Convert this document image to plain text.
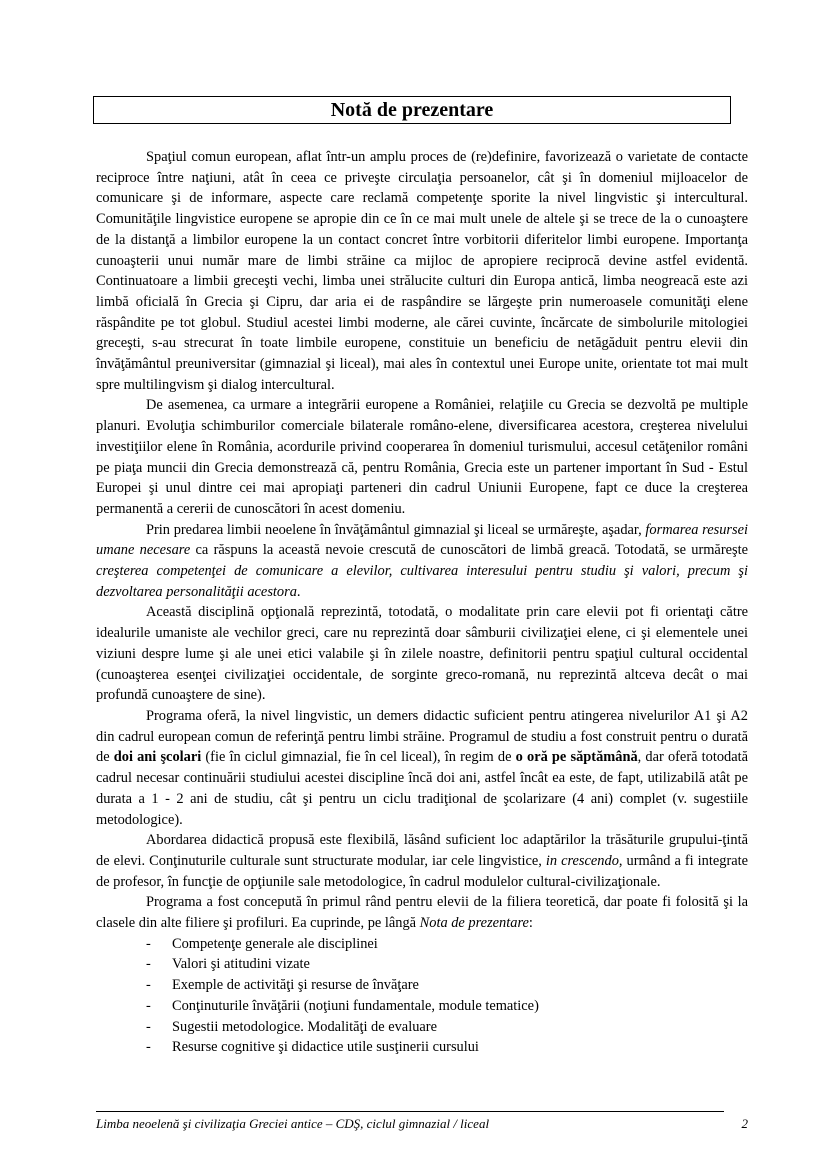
Notă de prezentare

Spaţiul comun european, aflat într-un amplu proces de (re)definire, favorizează o varietate de contacte reciproce între naţiuni, atât în ceea ce priveşte circulaţia persoanelor, cât şi în domeniul mijloacelor de comunicare şi de informare, aspecte care reclamă competenţe sporite la nivel lingvistic şi intercultural. Comunităţile lingvistice europene se apropie din ce în ce mai mult unele de altele şi se trece de la o cunoaştere de la distanţă a limbilor europene la un contact concret între vorbitorii diferitelor limbi europene. Importanţa cunoaşterii unui număr mare de limbi străine ca mijloc de apropiere reciprocă devine astfel evidentă. Continuatoare a limbii greceşti vechi, limba unei strălucite culturi din Europa antică, limba neogreacă este azi limbă oficială în Grecia şi Cipru, dar aria ei de raspândire se lărgeşte prin numeroasele comunităţi elene răspândite pe tot globul. Studiul acestei limbi moderne, ale cărei cuvinte, încărcate de simbolurile mitologiei greceşti, s-au strecurat în toate limbile europene, constituie un beneficiu de netăgăduit pentru elevii din învăţământul preuniversitar (gimnazial şi liceal), mai ales în contextul unei Europe unite, orientate tot mai mult spre multilingvism şi dialog intercultural.

De asemenea, ca urmare a integrării europene a României, relaţiile cu Grecia se dezvoltă pe multiple planuri. Evoluţia schimburilor comerciale bilaterale româno-elene, diversificarea acestora, creşterea nivelului investiţiilor elene în România, acordurile privind cooperarea în domeniul turismului, accesul cetăţenilor români pe piaţa muncii din Grecia demonstrează că, pentru România, Grecia este un partener important în Sud - Estul Europei şi unul dintre cei mai apropiaţi parteneri din cadrul Uniunii Europene, fapt ce duce la creşterea permanentă a cererii de cunoscători în acest domeniu.

Prin predarea limbii neoelene în învăţământul gimnazial şi liceal se urmăreşte, aşadar, formarea resursei umane necesare ca răspuns la această nevoie crescută de cunoscători de limbă greacă. Totodată, se urmăreşte creşterea competenţei de comunicare a elevilor, cultivarea interesului pentru studiu şi valori, precum şi dezvoltarea personalităţii acestora.

Această disciplină opţională reprezintă, totodată, o modalitate prin care elevii pot fi orientaţi către idealurile umaniste ale vechilor greci, care nu reprezintă doar sâmburii civilizaţiei elene, ci şi elementele unei viziuni despre lume şi ale unei etici valabile şi în zilele noastre, definitorii pentru spaţiul cultural occidental (cunoaşterea esenţei civilizaţiei occidentale, de sorginte greco-romană, nu reprezintă altceva decât o mai profundă cunoaştere de sine).

Programa oferă, la nivel lingvistic, un demers didactic suficient pentru atingerea nivelurilor A1 şi A2 din cadrul european comun de referinţă pentru limbi străine. Programul de studiu a fost construit pentru o durată de doi ani şcolari (fie în ciclul gimnazial, fie în cel liceal), în regim de o oră pe săptămână, dar oferă totodată cadrul necesar continuării studiului acestei discipline încă doi ani, astfel încât ea este, de fapt, utilizabilă atât pe durata a 1 - 2 ani de studiu, cât şi pentru un ciclu tradiţional de şcolarizare (4 ani) complet (v. sugestiile metodologice).

Abordarea didactică propusă este flexibilă, lăsând suficient loc adaptărilor la trăsăturile grupului-ţintă de elevi. Conţinuturile culturale sunt structurate modular, iar cele lingvistice, in crescendo, urmând a fi integrate de profesor, în funcţie de opţiunile sale metodologice, în cadrul modulelor cultural-civilizaţionale.

Programa a fost concepută în primul rând pentru elevii de la filiera teoretică, dar poate fi folosită şi la clasele din alte filiere şi profiluri. Ea cuprinde, pe lângă Nota de prezentare:

- Competenţe generale ale disciplinei
- Valori şi atitudini vizate
- Exemple de activităţi şi resurse de învăţare
- Conţinuturile învăţării (noţiuni fundamentale, module tematice)
- Sugestii metodologice. Modalităţi de evaluare
- Resurse cognitive şi didactice utile susţinerii cursului
Limba neoelenă şi civilizaţia Greciei antice – CDŞ, ciclul gimnazial / liceal	2
